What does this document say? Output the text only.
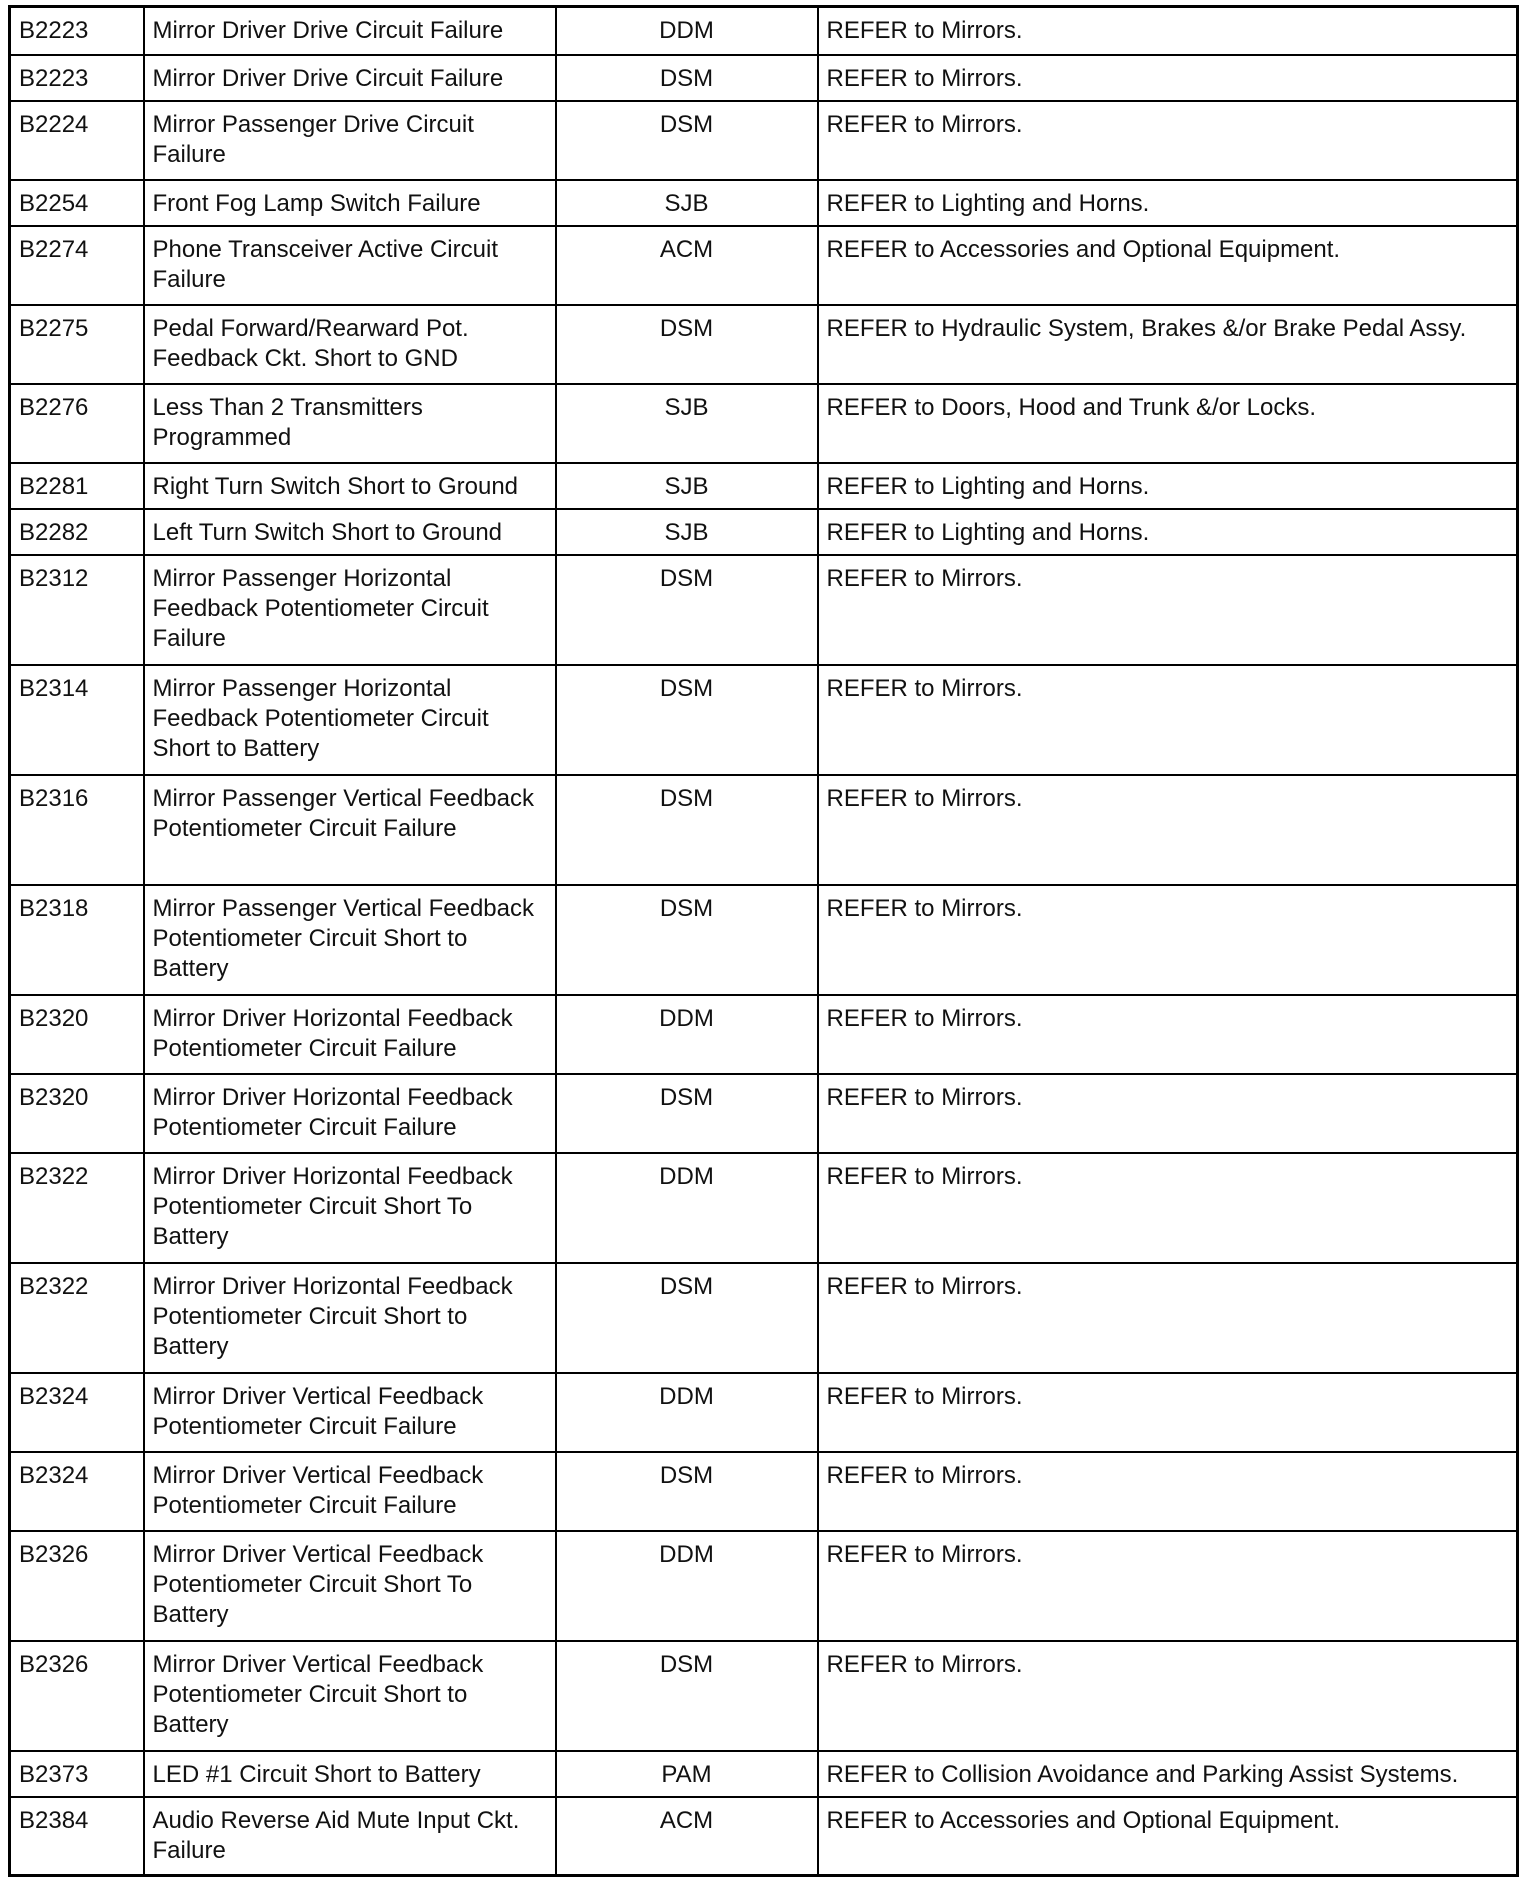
B2223	Mirror Driver Drive Circuit Failure	DDM	REFER to Mirrors.
B2223	Mirror Driver Drive Circuit Failure	DSM	REFER to Mirrors.
B2224	Mirror Passenger Drive Circuit Failure	DSM	REFER to Mirrors.
B2254	Front Fog Lamp Switch Failure	SJB	REFER to Lighting and Horns.
B2274	Phone Transceiver Active Circuit Failure	ACM	REFER to Accessories and Optional Equipment.
B2275	Pedal Forward/Rearward Pot. Feedback Ckt. Short to GND	DSM	REFER to Hydraulic System, Brakes &/or Brake Pedal Assy.
B2276	Less Than 2 Transmitters Programmed	SJB	REFER to Doors, Hood and Trunk &/or Locks.
B2281	Right Turn Switch Short to Ground	SJB	REFER to Lighting and Horns.
B2282	Left Turn Switch Short to Ground	SJB	REFER to Lighting and Horns.
B2312	Mirror Passenger Horizontal Feedback Potentiometer Circuit Failure	DSM	REFER to Mirrors.
B2314	Mirror Passenger Horizontal Feedback Potentiometer Circuit Short to Battery	DSM	REFER to Mirrors.
B2316	Mirror Passenger Vertical Feedback Potentiometer Circuit Failure	DSM	REFER to Mirrors.
B2318	Mirror Passenger Vertical Feedback Potentiometer Circuit Short to Battery	DSM	REFER to Mirrors.
B2320	Mirror Driver Horizontal Feedback Potentiometer Circuit Failure	DDM	REFER to Mirrors.
B2320	Mirror Driver Horizontal Feedback Potentiometer Circuit Failure	DSM	REFER to Mirrors.
B2322	Mirror Driver Horizontal Feedback Potentiometer Circuit Short To Battery	DDM	REFER to Mirrors.
B2322	Mirror Driver Horizontal Feedback Potentiometer Circuit Short to Battery	DSM	REFER to Mirrors.
B2324	Mirror Driver Vertical Feedback Potentiometer Circuit Failure	DDM	REFER to Mirrors.
B2324	Mirror Driver Vertical Feedback Potentiometer Circuit Failure	DSM	REFER to Mirrors.
B2326	Mirror Driver Vertical Feedback Potentiometer Circuit Short To Battery	DDM	REFER to Mirrors.
B2326	Mirror Driver Vertical Feedback Potentiometer Circuit Short to Battery	DSM	REFER to Mirrors.
B2373	LED #1 Circuit Short to Battery	PAM	REFER to Collision Avoidance and Parking Assist Systems.
B2384	Audio Reverse Aid Mute Input Ckt. Failure	ACM	REFER to Accessories and Optional Equipment.
